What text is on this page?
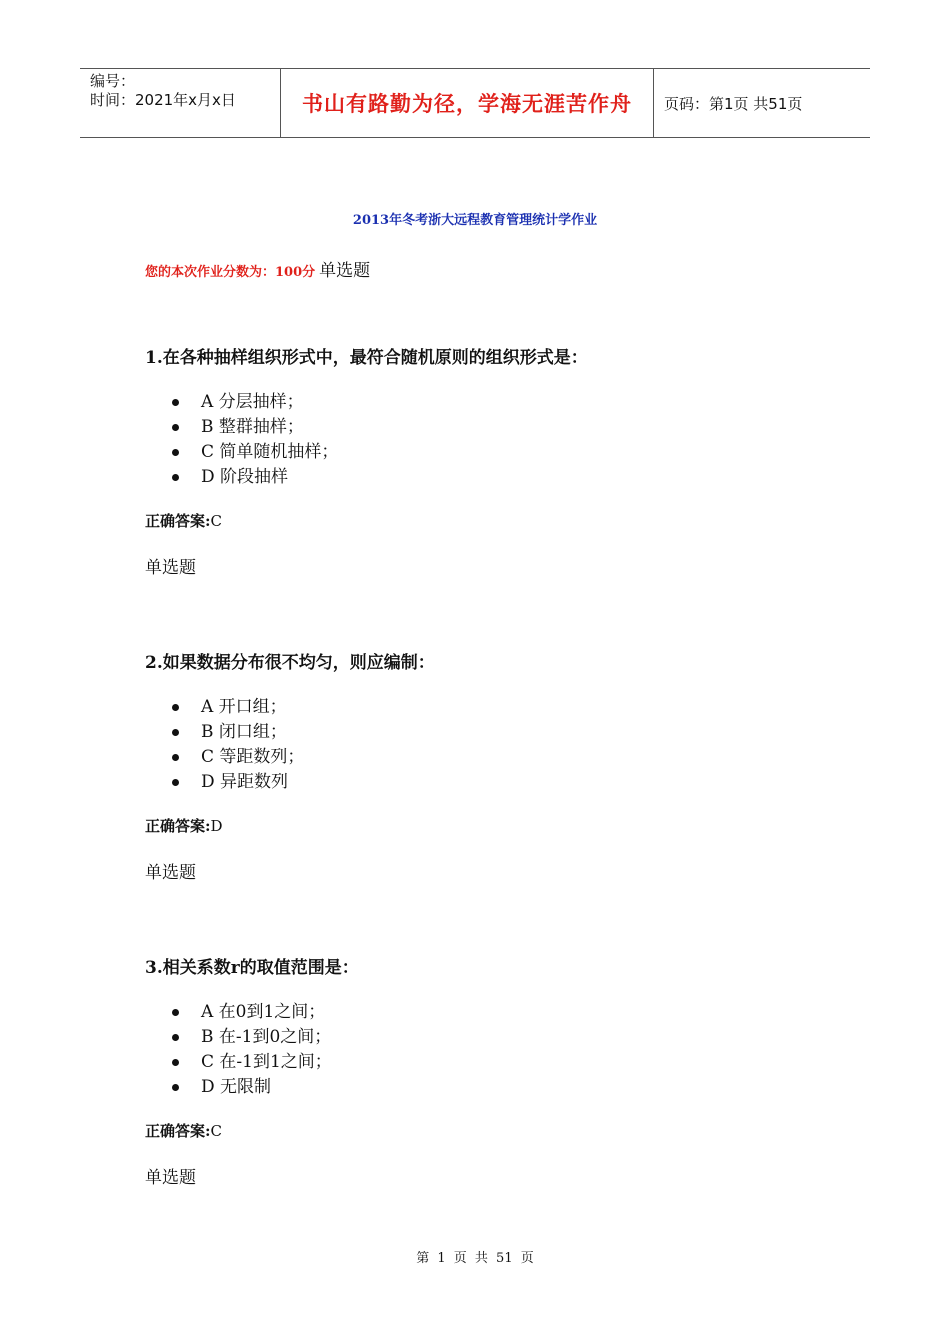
编号：
时间：2021年x月x日	书山有路勤为径，学海无涯苦作舟	页码：第1页 共51页
2013年冬考浙大远程教育管理统计学作业
您的本次作业分数为：100分 单选题

1.在各种抽样组织形式中，最符合随机原则的组织形式是：

A 分层抽样；
B 整群抽样；
C 简单随机抽样；
D 阶段抽样
正确答案:C
单选题

2.如果数据分布很不均匀，则应编制：

A 开口组；
B 闭口组；
C 等距数列；
D 异距数列
正确答案:D
单选题

3.相关系数r的取值范围是：

A 在0到1之间；
B 在-1到0之间；
C 在-1到1之间；
D 无限制
正确答案:C
单选题
第 1 页 共 51 页
